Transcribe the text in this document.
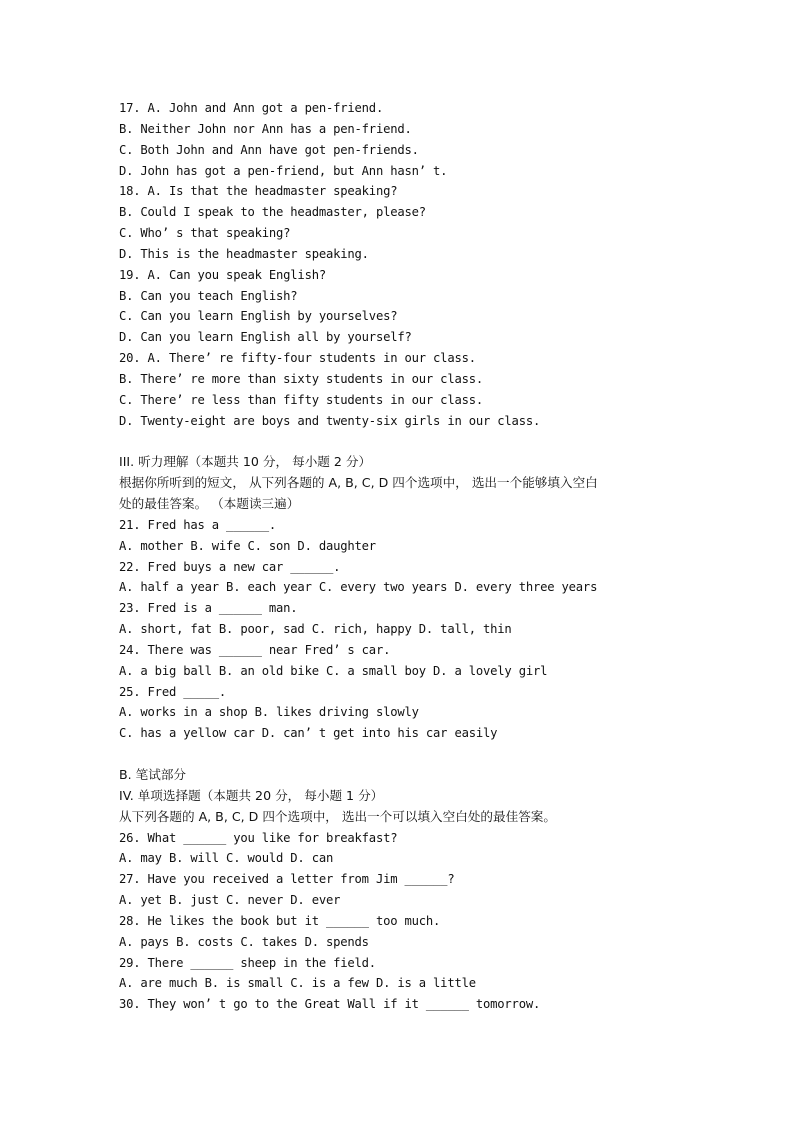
17. A. John and Ann got a pen-friend.
B. Neither John nor Ann has a pen-friend.
C. Both John and Ann have got pen-friends.
D. John has got a pen-friend, but Ann hasn’ t.
18. A. Is that the headmaster speaking?
B. Could I speak to the headmaster, please?
C. Who’ s that speaking?
D. This is the headmaster speaking.
19. A. Can you speak English?
B. Can you teach English?
C. Can you learn English by yourselves?
D. Can you learn English all by yourself?
20. A. There’ re fifty-four students in our class.
B. There’ re more than sixty students in our class.
C. There’ re less than fifty students in our class.
D. Twenty-eight are boys and twenty-six girls in our class.
III. 听力理解（本题共 10 分， 每小题 2 分）
根据你所听到的短文， 从下列各题的 A, B, C, D 四个选项中， 选出一个能够填入空白
处的最佳答案。 （本题读三遍）
21. Fred has a ______.
A. mother B. wife C. son D. daughter
22. Fred buys a new car ______.
A. half a year B. each year C. every two years D. every three years
23. Fred is a ______ man.
A. short, fat B. poor, sad C. rich, happy D. tall, thin
24. There was ______ near Fred’ s car.
A. a big ball B. an old bike C. a small boy D. a lovely girl
25. Fred _____.
A. works in a shop B. likes driving slowly
C. has a yellow car D. can’ t get into his car easily
B. 笔试部分
IV. 单项选择题（本题共 20 分， 每小题 1 分）
从下列各题的 A, B, C, D 四个选项中， 选出一个可以填入空白处的最佳答案。
26. What ______ you like for breakfast?
A. may B. will C. would D. can
27. Have you received a letter from Jim ______?
A. yet B. just C. never D. ever
28. He likes the book but it ______ too much.
A. pays B. costs C. takes D. spends
29. There ______ sheep in the field.
A. are much B. is small C. is a few D. is a little
30. They won’ t go to the Great Wall if it ______ tomorrow.
